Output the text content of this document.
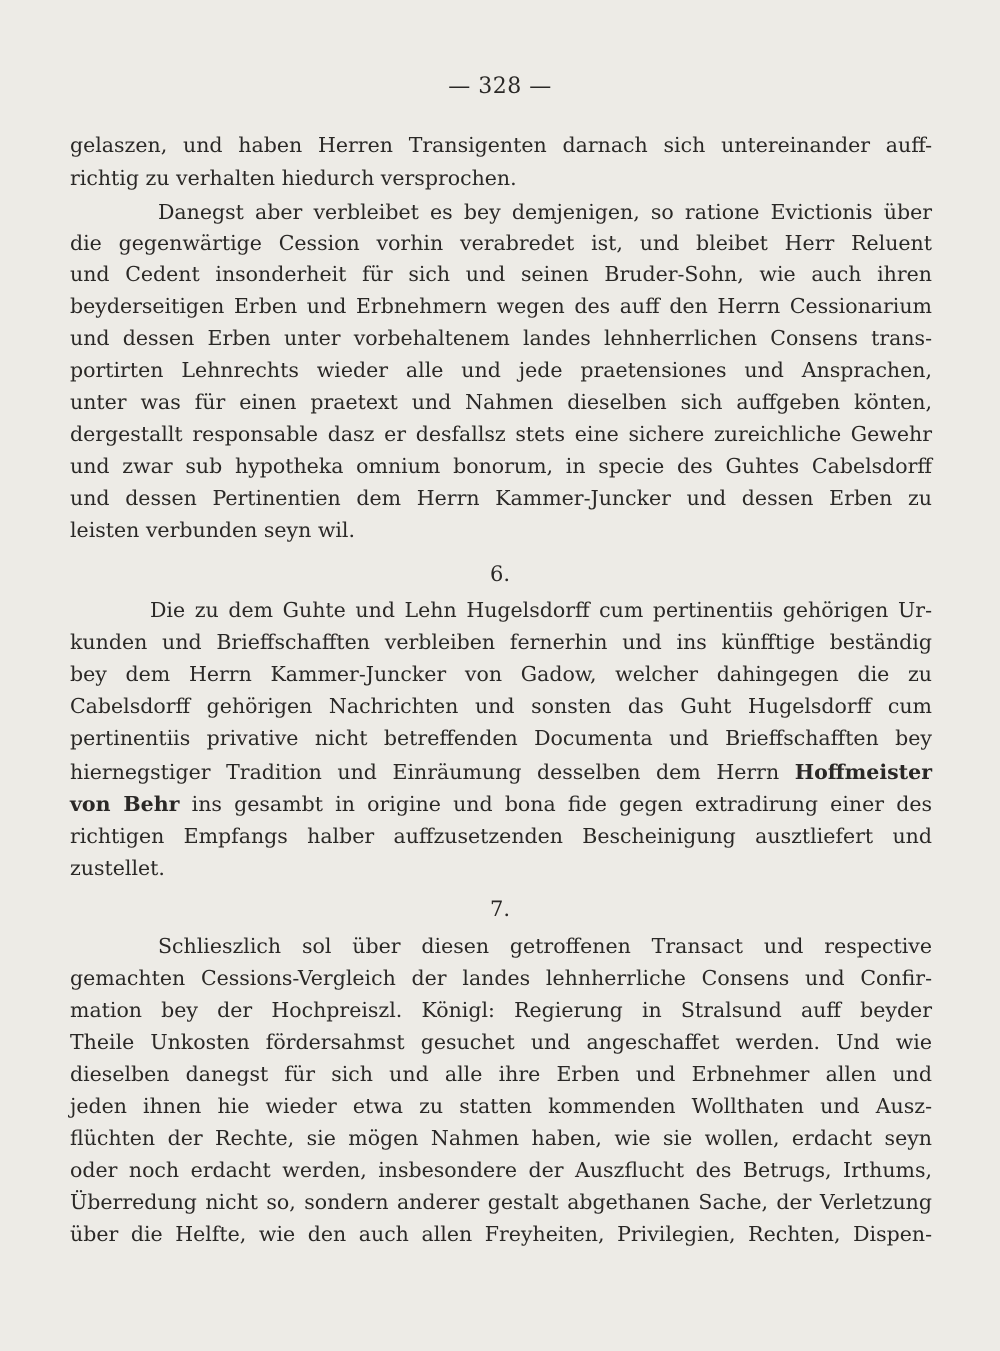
— 328 —
gelaszen, und haben Herren Transigenten darnach sich untereinander auff-
richtig zu verhalten hiedurch versprochen.
Danegst aber verbleibet es bey demjenigen, so ratione Evictionis über
die gegenwärtige Cession vorhin verabredet ist, und bleibet Herr Reluent
und Cedent insonderheit für sich und seinen Bruder-Sohn, wie auch ihren
beyderseitigen Erben und Erbnehmern wegen des auff den Herrn Cessionarium
und dessen Erben unter vorbehaltenem landes lehnherrlichen Consens trans-
portirten Lehnrechts wieder alle und jede praetensiones und Ansprachen,
unter was für einen praetext und Nahmen dieselben sich auffgeben könten,
dergestallt responsable dasz er desfallsz stets eine sichere zureichliche Gewehr
und zwar sub hypotheka omnium bonorum, in specie des Guhtes Cabelsdorff
und dessen Pertinentien dem Herrn Kammer-Juncker und dessen Erben zu
leisten verbunden seyn wil.
6.
Die zu dem Guhte und Lehn Hugelsdorff cum pertinentiis gehörigen Ur-
kunden und Brieffschafften verbleiben fernerhin und ins künfftige beständig
bey dem Herrn Kammer-Juncker von Gadow, welcher dahingegen die zu
Cabelsdorff gehörigen Nachrichten und sonsten das Guht Hugelsdorff cum
pertinentiis privative nicht betreffenden Documenta und Brieffschafften bey
hiernegstiger Tradition und Einräumung desselben dem Herrn Hoffmeister
von Behr ins gesambt in origine und bona fide gegen extradirung einer des
richtigen Empfangs halber auffzusetzenden Bescheinigung ausztliefert und
zustellet.
7.
Schlieszlich sol über diesen getroffenen Transact und respective
gemachten Cessions-Vergleich der landes lehnherrliche Consens und Confir-
mation bey der Hochpreiszl. Königl: Regierung in Stralsund auff beyder
Theile Unkosten fördersahmst gesuchet und angeschaffet werden. Und wie
dieselben danegst für sich und alle ihre Erben und Erbnehmer allen und
jeden ihnen hie wieder etwa zu statten kommenden Wollthaten und Ausz-
flüchten der Rechte, sie mögen Nahmen haben, wie sie wollen, erdacht seyn
oder noch erdacht werden, insbesondere der Auszflucht des Betrugs, Irthums,
Überredung nicht so, sondern anderer gestalt abgethanen Sache, der Verletzung
über die Helfte, wie den auch allen Freyheiten, Privilegien, Rechten, Dispen-
